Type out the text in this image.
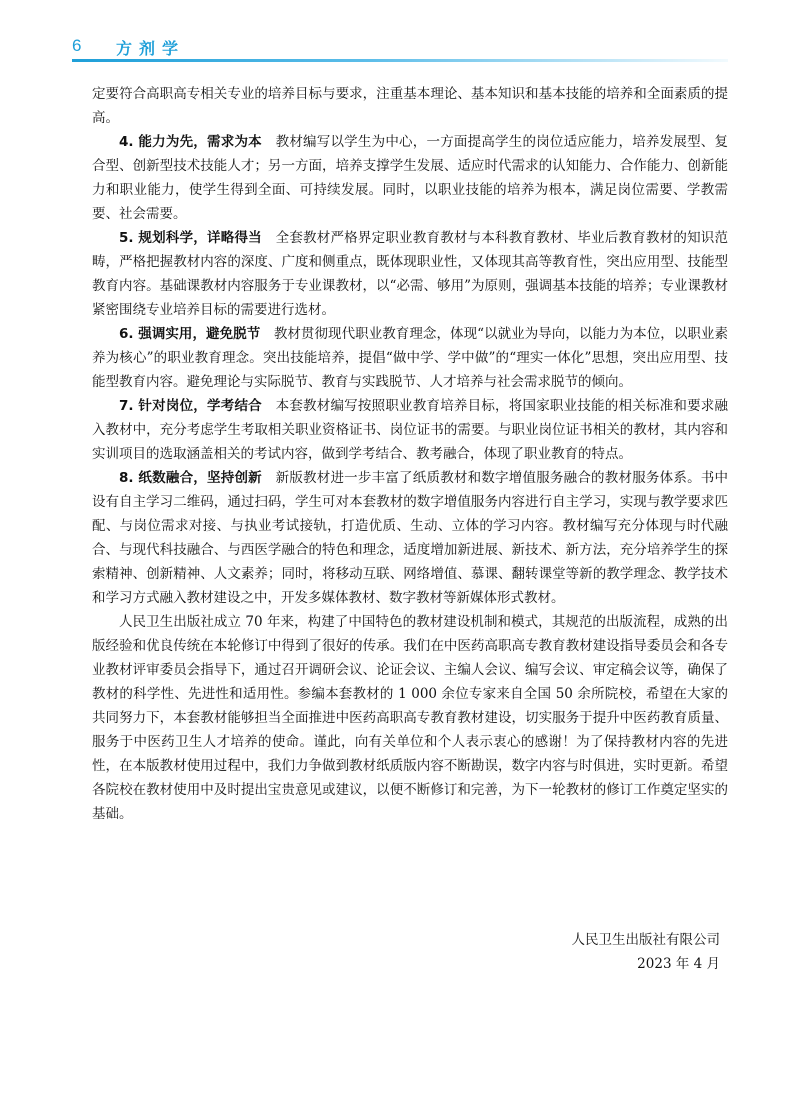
6 方剂学

定要符合高职高专相关专业的培养目标与要求，注重基本理论、基本知识和基本技能的培养和全面素质的提高。

4. 能力为先，需求为本  教材编写以学生为中心，一方面提高学生的岗位适应能力，培养发展型、复合型、创新型技术技能人才；另一方面，培养支撑学生发展、适应时代需求的认知能力、合作能力、创新能力和职业能力，使学生得到全面、可持续发展。同时，以职业技能的培养为根本，满足岗位需要、学教需要、社会需要。

5. 规划科学，详略得当  全套教材严格界定职业教育教材与本科教育教材、毕业后教育教材的知识范畴，严格把握教材内容的深度、广度和侧重点，既体现职业性，又体现其高等教育性，突出应用型、技能型教育内容。基础课教材内容服务于专业课教材，以“必需、够用”为原则，强调基本技能的培养；专业课教材紧密围绕专业培养目标的需要进行选材。

6. 强调实用，避免脱节  教材贯彻现代职业教育理念，体现“以就业为导向，以能力为本位，以职业素养为核心”的职业教育理念。突出技能培养，提倡“做中学、学中做”的“理实一体化”思想，突出应用型、技能型教育内容。避免理论与实际脱节、教育与实践脱节、人才培养与社会需求脱节的倾向。

7. 针对岗位，学考结合  本套教材编写按照职业教育培养目标，将国家职业技能的相关标准和要求融入教材中，充分考虑学生考取相关职业资格证书、岗位证书的需要。与职业岗位证书相关的教材，其内容和实训项目的选取涵盖相关的考试内容，做到学考结合、教考融合，体现了职业教育的特点。

8. 纸数融合，坚持创新  新版教材进一步丰富了纸质教材和数字增值服务融合的教材服务体系。书中设有自主学习二维码，通过扫码，学生可对本套教材的数字增值服务内容进行自主学习，实现与教学要求匹配、与岗位需求对接、与执业考试接轨，打造优质、生动、立体的学习内容。教材编写充分体现与时代融合、与现代科技融合、与西医学融合的特色和理念，适度增加新进展、新技术、新方法，充分培养学生的探索精神、创新精神、人文素养；同时，将移动互联、网络增值、慕课、翻转课堂等新的教学理念、教学技术和学习方式融入教材建设之中，开发多媒体教材、数字教材等新媒体形式教材。

人民卫生出版社成立 70 年来，构建了中国特色的教材建设机制和模式，其规范的出版流程，成熟的出版经验和优良传统在本轮修订中得到了很好的传承。我们在中医药高职高专教育教材建设指导委员会和各专业教材评审委员会指导下，通过召开调研会议、论证会议、主编人会议、编写会议、审定稿会议等，确保了教材的科学性、先进性和适用性。参编本套教材的 1 000 余位专家来自全国 50 余所院校，希望在大家的共同努力下，本套教材能够担当全面推进中医药高职高专教育教材建设，切实服务于提升中医药教育质量、服务于中医药卫生人才培养的使命。谨此，向有关单位和个人表示衷心的感谢！为了保持教材内容的先进性，在本版教材使用过程中，我们力争做到教材纸质版内容不断勘误，数字内容与时俱进，实时更新。希望各院校在教材使用中及时提出宝贵意见或建议，以便不断修订和完善，为下一轮教材的修订工作奠定坚实的基础。

人民卫生出版社有限公司
2023 年 4 月
